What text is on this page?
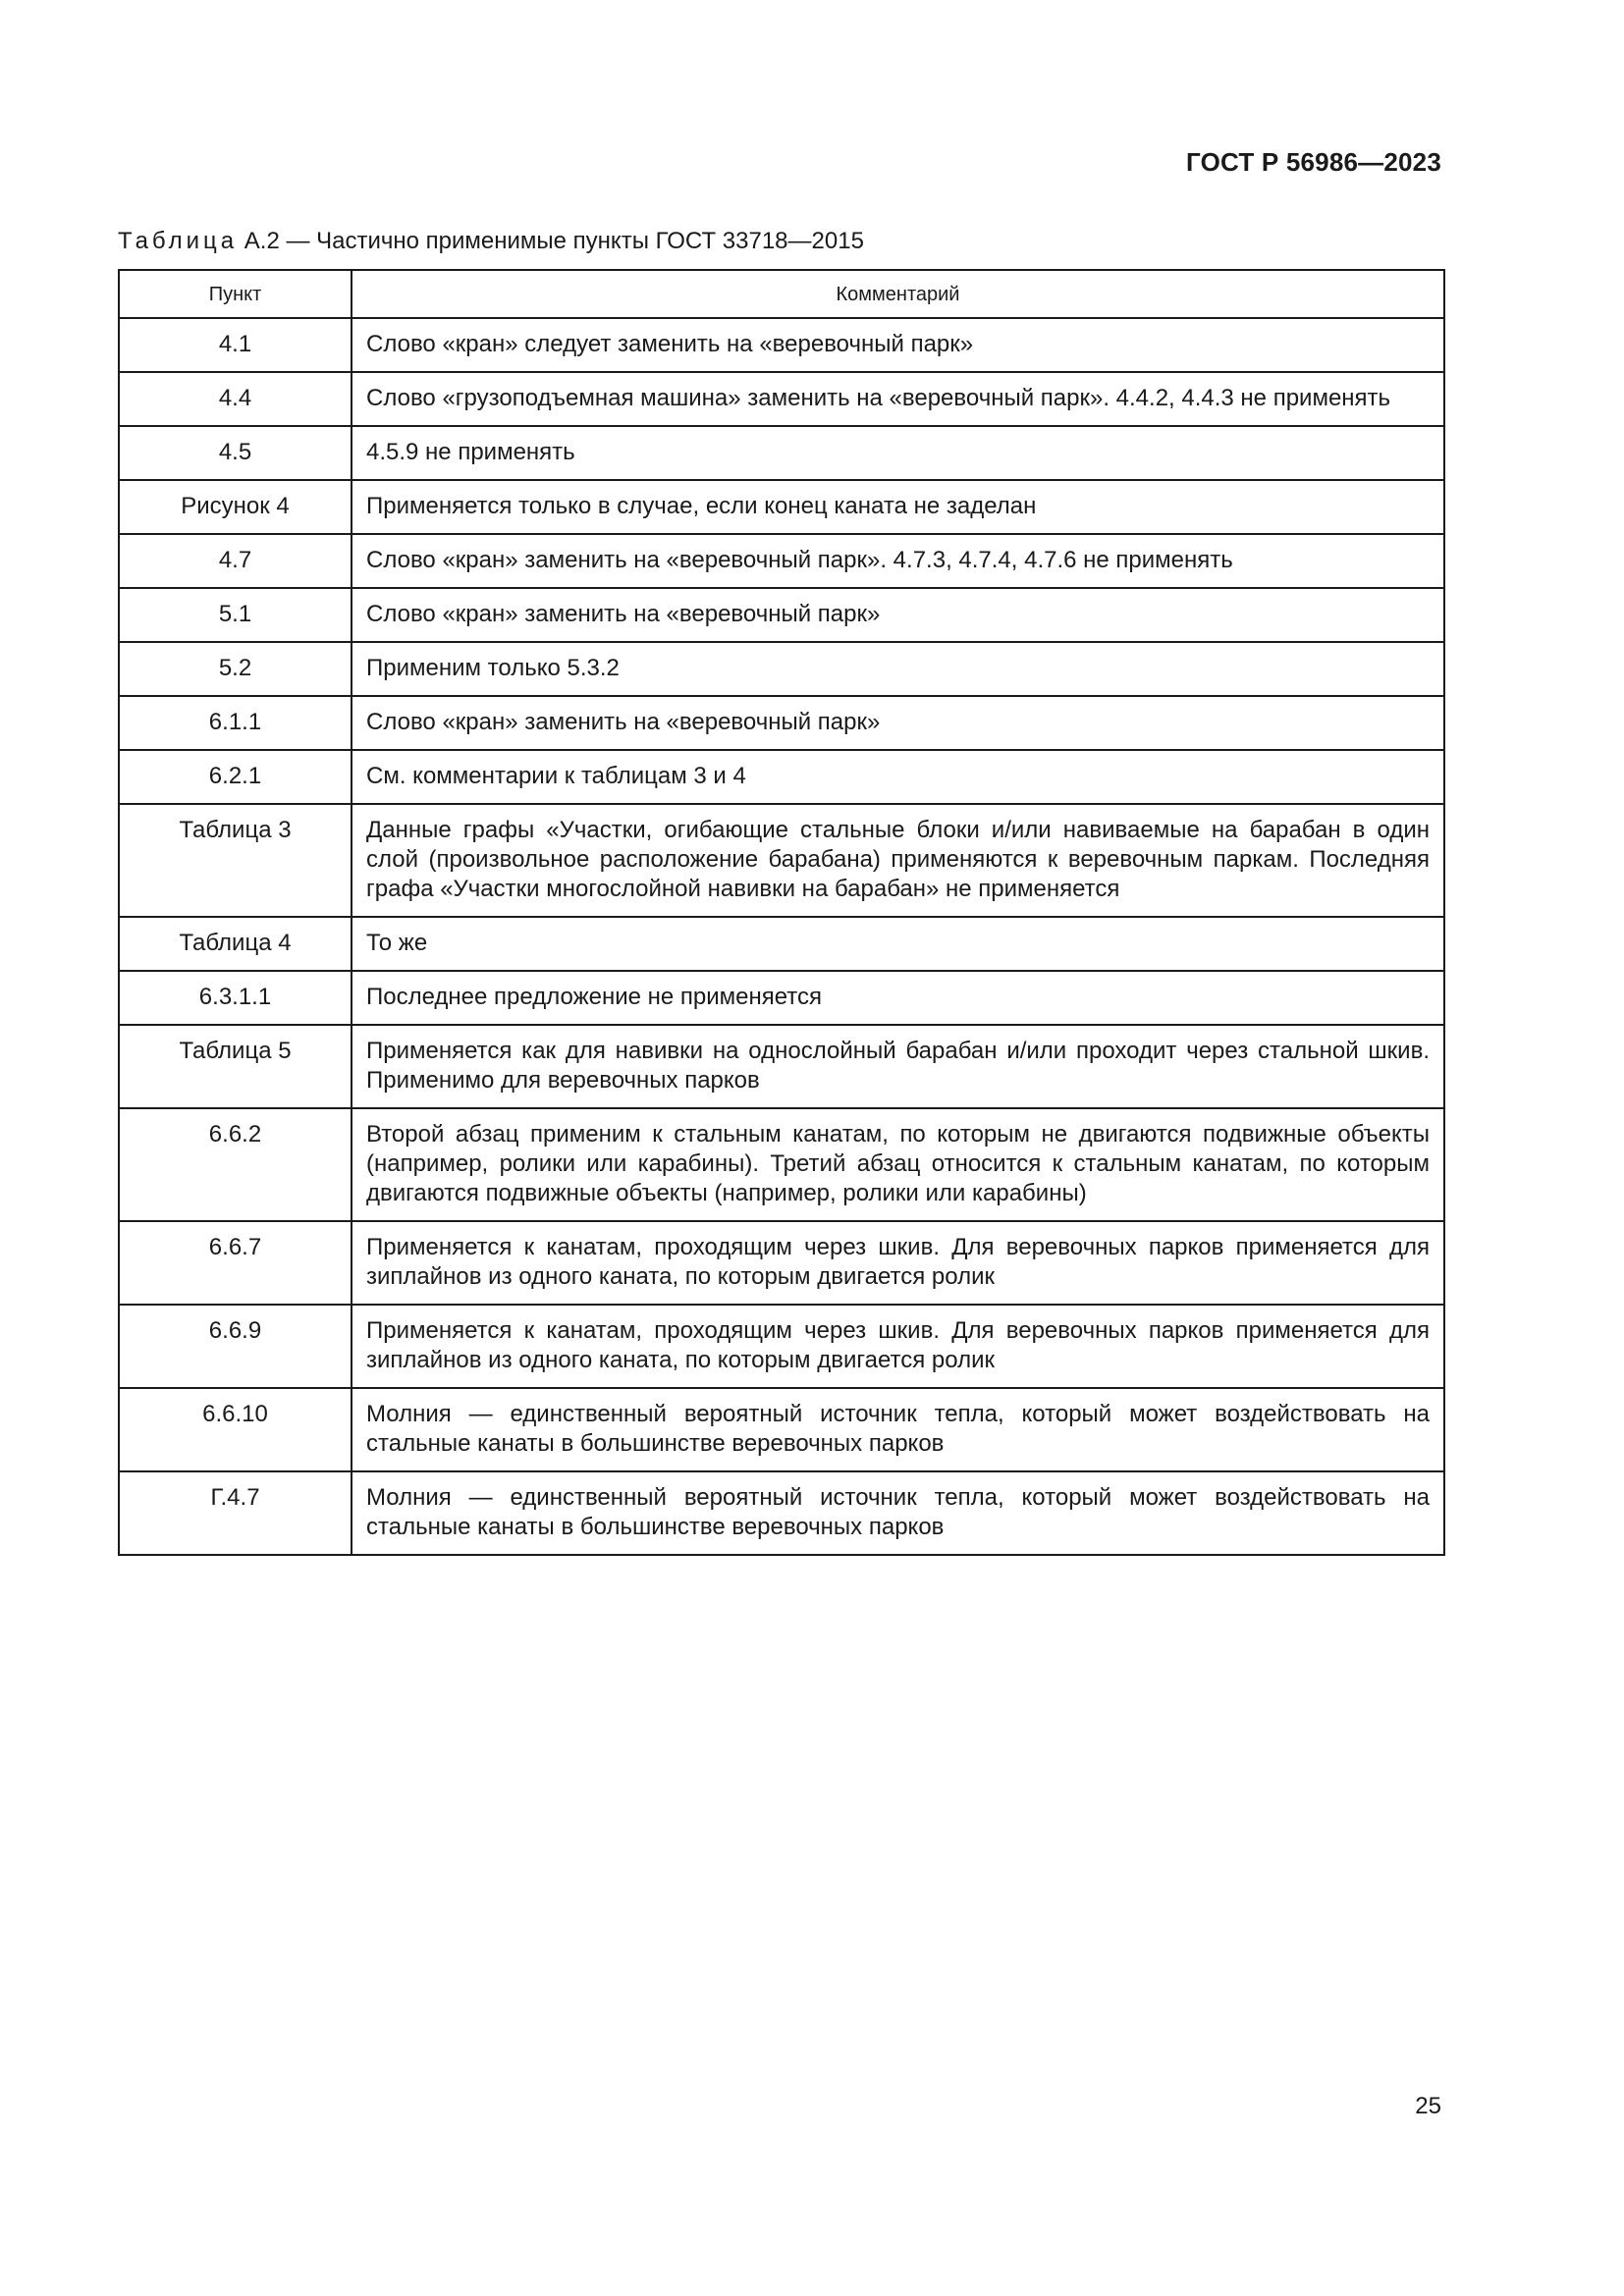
ГОСТ Р 56986—2023
Таблица А.2 — Частично применимые пункты ГОСТ 33718—2015
Пункт	Комментарий
4.1	Слово «кран» следует заменить на «веревочный парк»
4.4	Слово «грузоподъемная машина» заменить на «веревочный парк». 4.4.2, 4.4.3 не применять
4.5	4.5.9 не применять
Рисунок 4	Применяется только в случае, если конец каната не заделан
4.7	Слово «кран» заменить на «веревочный парк». 4.7.3, 4.7.4, 4.7.6 не применять
5.1	Слово «кран» заменить на «веревочный парк»
5.2	Применим только 5.3.2
6.1.1	Слово «кран» заменить на «веревочный парк»
6.2.1	См. комментарии к таблицам 3 и 4
Таблица 3	Данные графы «Участки, огибающие стальные блоки и/или навиваемые на барабан в один слой (произвольное расположение барабана) применяются к веревочным паркам. Последняя графа «Участки многослойной навивки на барабан» не применяется
Таблица 4	То же
6.3.1.1	Последнее предложение не применяется
Таблица 5	Применяется как для навивки на однослойный барабан и/или проходит через стальной шкив. Применимо для веревочных парков
6.6.2	Второй абзац применим к стальным канатам, по которым не двигаются подвижные объекты (например, ролики или карабины). Третий абзац относится к стальным канатам, по которым двигаются подвижные объекты (например, ролики или карабины)
6.6.7	Применяется к канатам, проходящим через шкив. Для веревочных парков применяется для зиплайнов из одного каната, по которым двигается ролик
6.6.9	Применяется к канатам, проходящим через шкив. Для веревочных парков применяется для зиплайнов из одного каната, по которым двигается ролик
6.6.10	Молния — единственный вероятный источник тепла, который может воздействовать на стальные канаты в большинстве веревочных парков
Г.4.7	Молния — единственный вероятный источник тепла, который может воздействовать на стальные канаты в большинстве веревочных парков
25
